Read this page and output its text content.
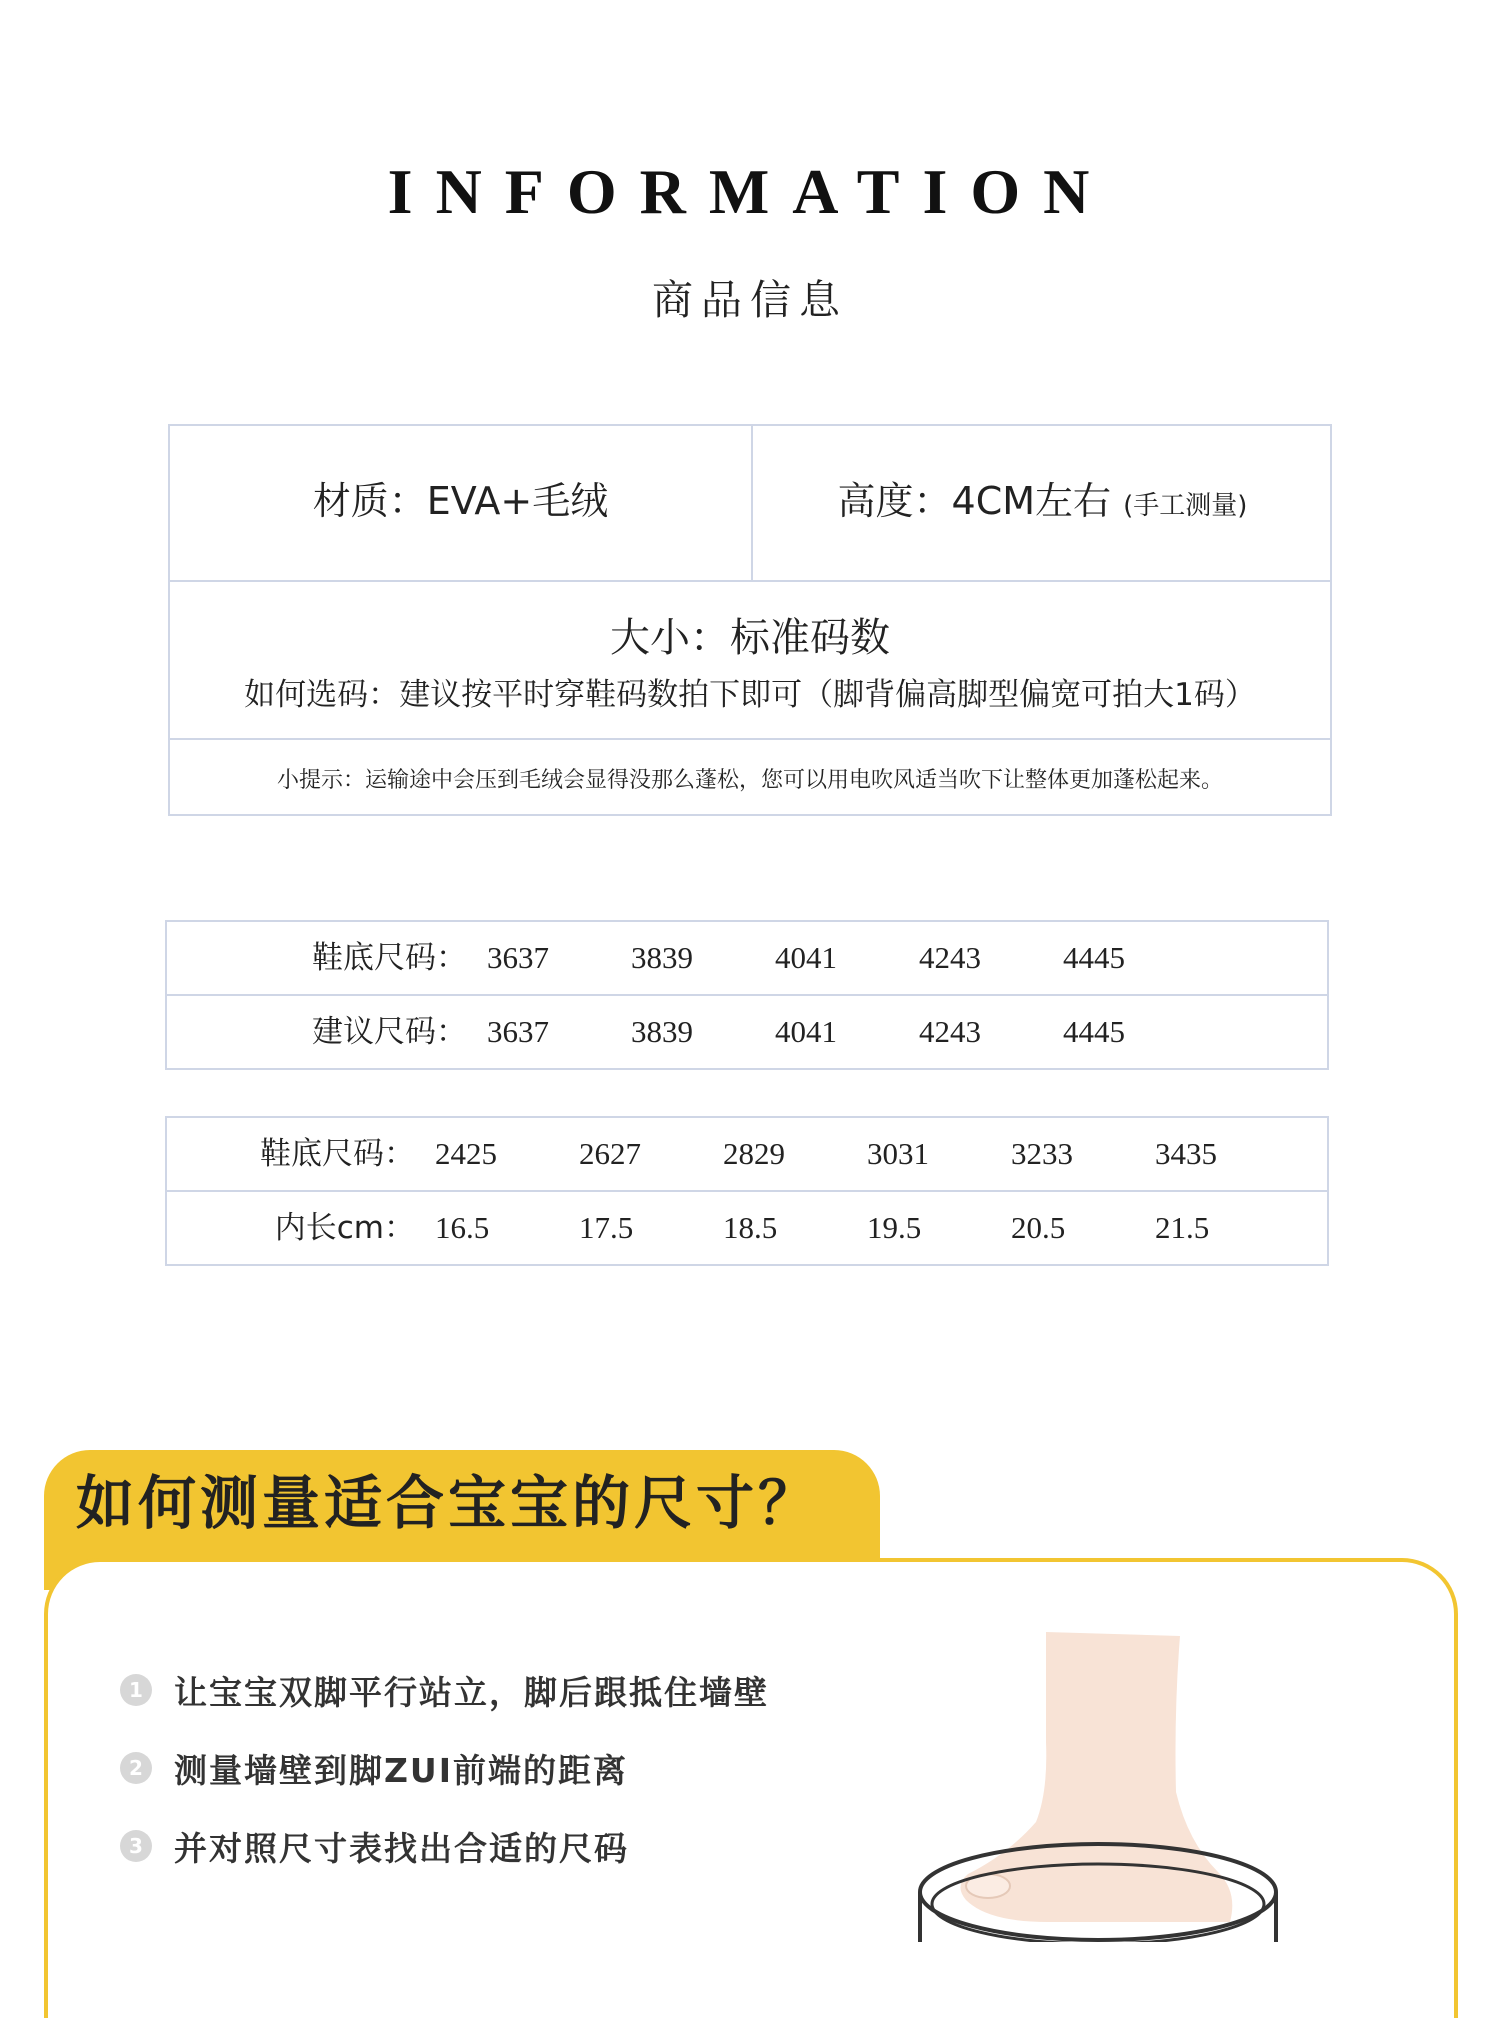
INFORMATION
商品信息
材质：EVA+毛绒	高度：4CM左右 (手工测量)
大小：标准码数
如何选码：建议按平时穿鞋码数拍下即可（脚背偏高脚型偏宽可拍大1码）
小提示：运输途中会压到毛绒会显得没那么蓬松，您可以用电吹风适当吹下让整体更加蓬松起来。
鞋底尺码： 3637	3839	4041	4243	4445
建议尺码： 3637	3839	4041	4243	4445
鞋底尺码： 2425	2627	2829	3031	3233	3435
内长cm： 16.5	17.5	18.5	19.5	20.5	21.5
如何测量适合宝宝的尺寸？
1 让宝宝双脚平行站立，脚后跟抵住墙壁
2 测量墙壁到脚ZUI前端的距离
3 并对照尺寸表找出合适的尺码
